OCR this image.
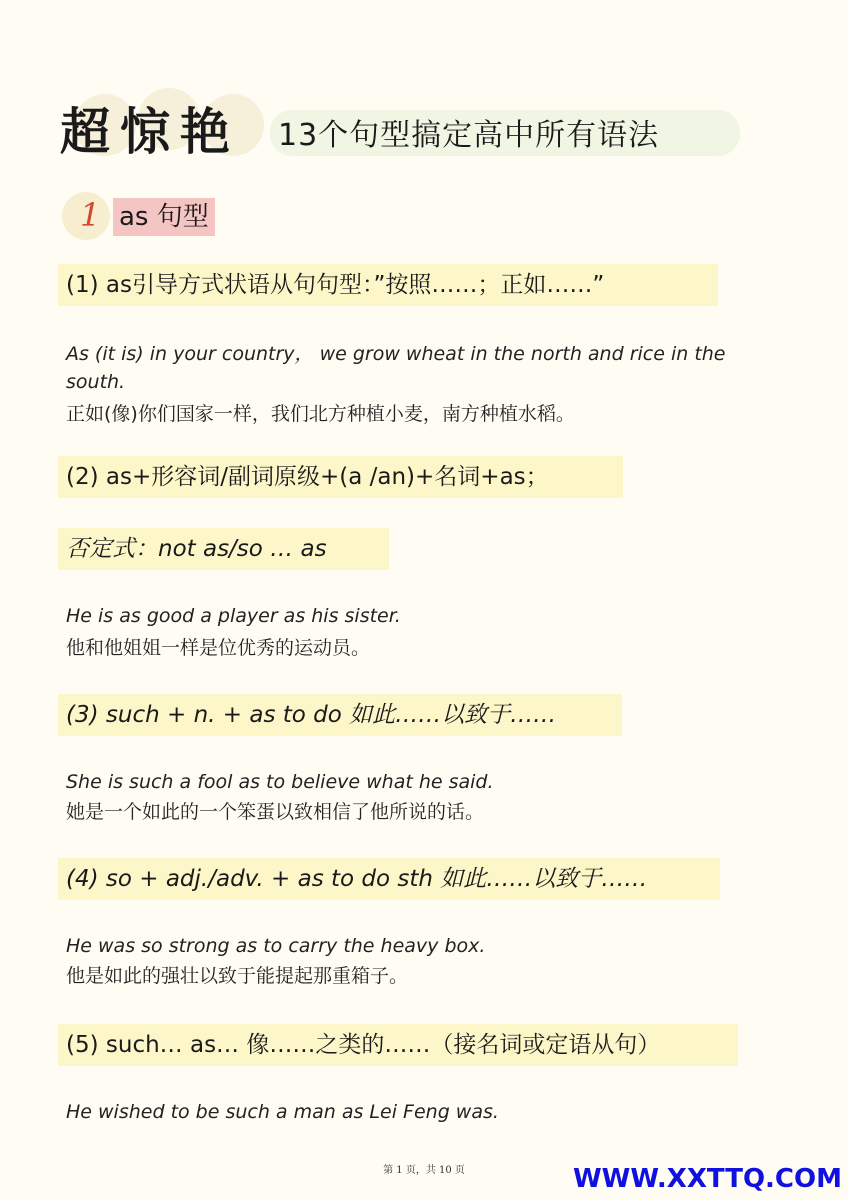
超惊艳 13个句型搞定高中所有语法
1 as 句型
(1) as引导方式状语从句句型：”按照……；正如……”
As (it is) in your country， we grow wheat in the north and rice in the south.
正如(像)你们国家一样，我们北方种植小麦，南方种植水稻。
(2) as+形容词/副词原级+(a /an)+名词+as；
否定式：not as/so … as
He is as good a player as his sister.
他和他姐姐一样是位优秀的运动员。
(3) such + n. + as to do 如此……以致于……
She is such a fool as to believe what he said.
她是一个如此的一个笨蛋以致相信了他所说的话。
(4) so + adj./adv. + as to do sth 如此……以致于……
He was so strong as to carry the heavy box.
他是如此的强壮以致于能提起那重箱子。
(5) such… as… 像……之类的……（接名词或定语从句）
He wished to be such a man as Lei Feng was.
第 1 页，共 10 页	WWW.XXTTQ.COM
